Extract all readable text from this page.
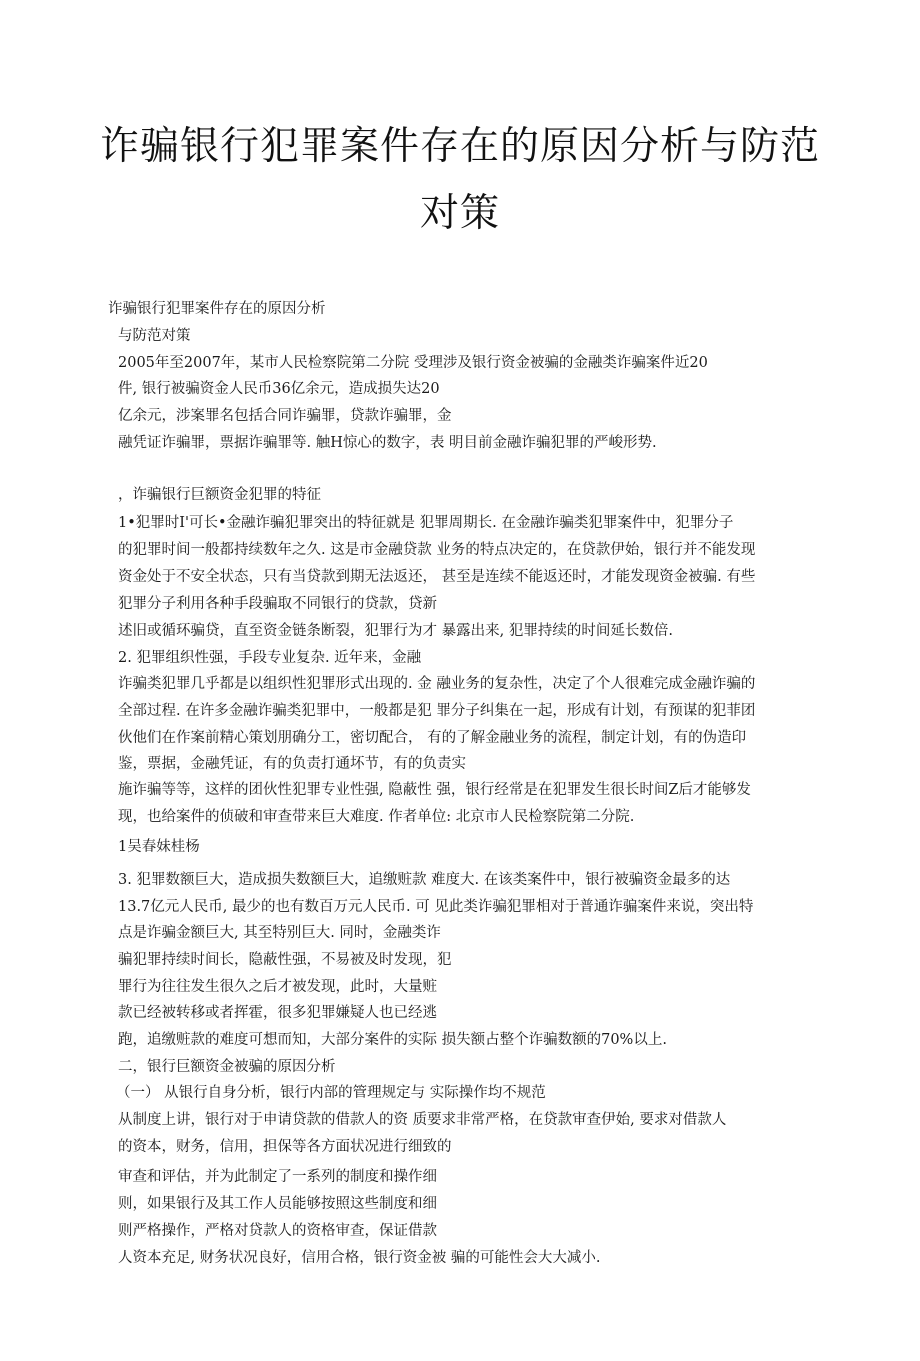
诈骗银行犯罪案件存在的原因分析与防范
对策
诈骗银行犯罪案件存在的原因分析
与防范对策
2005年至2007年，某市人民检察院第二分院 受理涉及银行资金被骗的金融类诈骗案件近20
件, 银行被骗资金人民币36亿余元，造成损失达20
亿余元，涉案罪名包括合同诈骗罪，贷款诈骗罪，金
融凭证诈骗罪，票据诈骗罪等. 触H惊心的数字，表 明目前金融诈骗犯罪的严峻形势.
，诈骗银行巨额资金犯罪的特征
1•犯罪时I'可长•金融诈骗犯罪突出的特征就是 犯罪周期长. 在金融诈骗类犯罪案件中，犯罪分子
的犯罪时间一般都持续数年之久. 这是市金融贷款 业务的特点决定的，在贷款伊始，银行并不能发现
资金处于不安全状态，只有当贷款到期无法返还， 甚至是连续不能返还时，才能发现资金被骗. 有些
犯罪分子利用各种手段骗取不同银行的贷款，贷新
述旧或循环骗贷，直至资金链条断裂，犯罪行为才 暴露出来, 犯罪持续的时间延长数倍.
2. 犯罪组织性强，手段专业复杂. 近年来，金融
诈骗类犯罪几乎都是以组织性犯罪形式出现的. 金 融业务的复杂性，决定了个人很难完成金融诈骗的
全部过程. 在许多金融诈骗类犯罪中，一般都是犯 罪分子纠集在一起，形成有计划，有预谋的犯菲团
伙他们在作案前精心策划朋确分工，密切配合， 有的了解金融业务的流程，制定计划，有的伪造印
鉴，票据，金融凭证，有的负责打通坏节，有的负责实
施诈骗等等，这样的团伙性犯罪专业性强, 隐蔽性 强，银行经常是在犯罪发生很长时间Z后才能够发
现，也给案件的侦破和审查带来巨大难度. 作者单位: 北京市人民检察院第二分院.
1吴春妹桂杨
3. 犯罪数额巨大，造成损失数额巨大，追缴赃款 难度大. 在该类案件中，银行被骗资金最多的达
13.7亿元人民币, 最少的也有数百万元人民币. 可 见此类诈骗犯罪相对于普通诈骗案件来说，突出特
点是诈骗金额巨大, 其至特别巨大. 同时，金融类诈
骗犯罪持续时间长，隐蔽性强，不易被及时发现，犯
罪行为往往发生很久之后才被发现，此时，大量赃
款已经被转移或者挥霍，很多犯罪嫌疑人也已经逃
跑，追缴赃款的难度可想而知，大部分案件的实际 损失额占整个诈骗数额的70%以上.
二，银行巨额资金被骗的原因分析
（一） 从银行自身分析，银行内部的管理规定与 实际操作均不规范
从制度上讲，银行对于申请贷款的借款人的资 质要求非常严格，在贷款审查伊始, 要求对借款人
的资本，财务，信用，担保等各方面状况进行细致的
审查和评估，并为此制定了一系列的制度和操作细
则，如果银行及其工作人员能够按照这些制度和细
则严格操作，严格对贷款人的资格审查，保证借款
人资本充足, 财务状况良好，信用合格，银行资金被 骗的可能性会大大减小.
